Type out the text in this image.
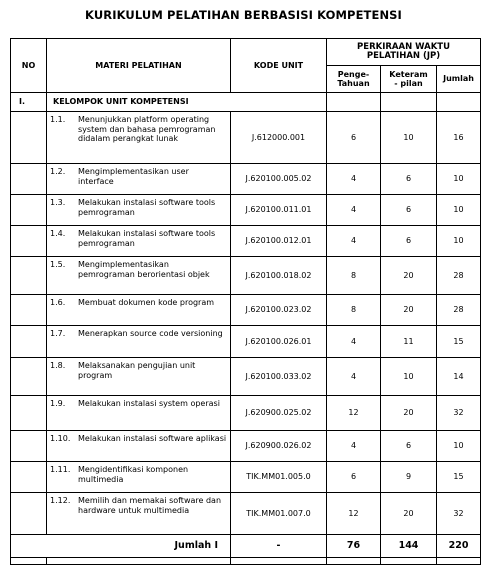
KURIKULUM PELATIHAN BERBASISI KOMPETENSI
NO	MATERI PELATIHAN	KODE UNIT	PERKIRAAN WAKTU PELATIHAN (JP)		
			Penge-Tahuan	Keteram - pilan	Jumlah
I.	KELOMPOK UNIT KOMPETENSI				

	1.1. Menunjukkan platform operating system dan bahasa pemrograman didalam perangkat lunak	J.612000.001	6	10	16

	1.2. Mengimplementasikan user interface	J.620100.005.02	4	6	10

	1.3. Melakukan instalasi software tools pemrograman	J.620100.011.01	4	6	10

	1.4. Melakukan instalasi software tools pemrograman	J.620100.012.01	4	6	10

	1.5. Mengimplementasikan pemrograman berorientasi objek	J.620100.018.02	8	20	28

	1.6. Membuat dokumen kode program	J.620100.023.02	8	20	28

	1.7. Menerapkan source code versioning	J.620100.026.01	4	11	15

	1.8. Melaksanakan pengujian unit program	J.620100.033.02	4	10	14

	1.9. Melakukan instalasi system operasi	J.620900.025.02	12	20	32

	1.10. Melakukan instalasi software aplikasi	J.620900.026.02	4	6	10

	1.11. Mengidentifikasi komponen multimedia	TIK.MM01.005.0	6	9	15

	1.12. Memilih dan memakai software dan hardware untuk multimedia	TIK.MM01.007.0	12	20	32
Jumlah I		-	76	144	220
